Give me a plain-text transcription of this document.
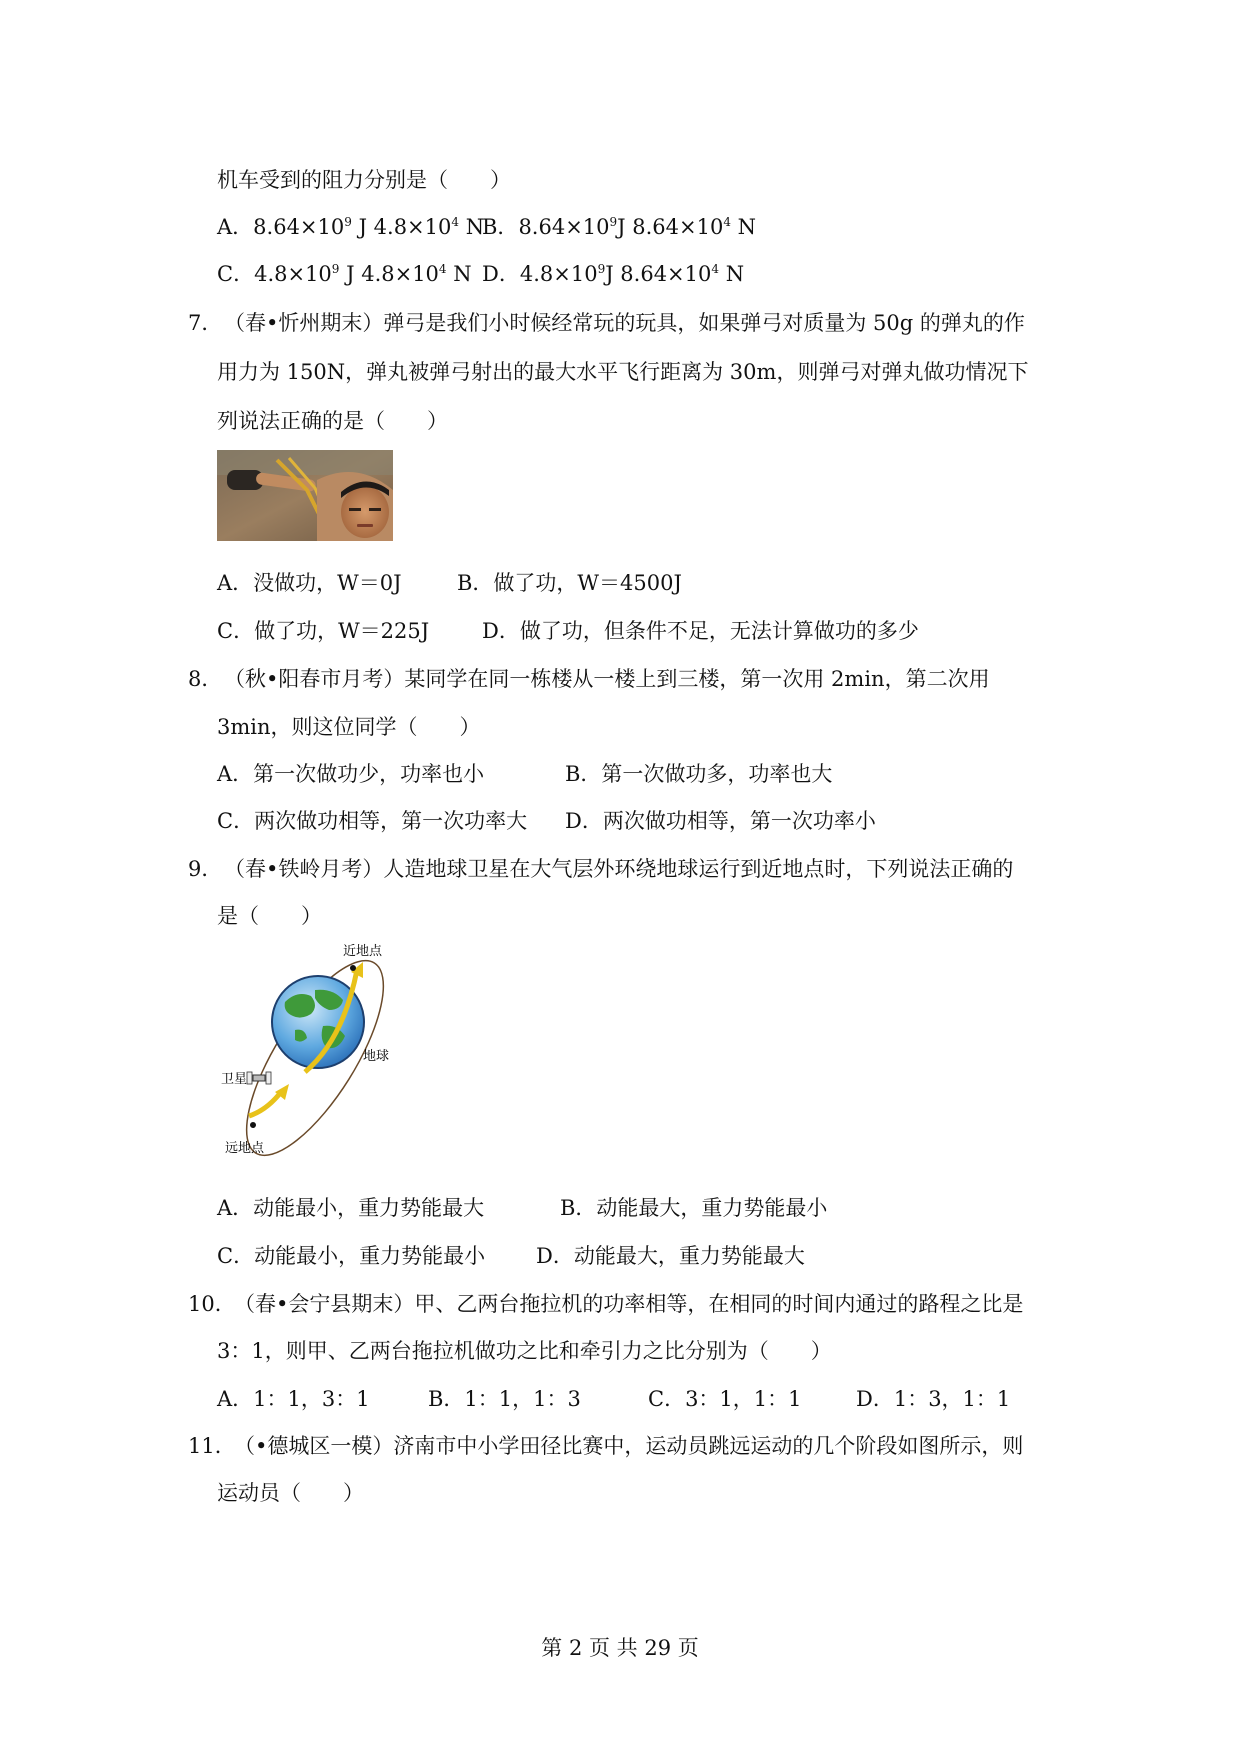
机车受到的阻力分别是（　　）
A．$8.64\times 10^9$ J $4.8\times 10^4$ N
B．$8.64\times 10^9J$ $8.64\times 10^4$ N
C．$4.8\times 10^9$ J $4.8\times 10^4$ N D．$4.8\times 10^9J$ $8.64\times 10^4$ N
7． （春•忻州期末）弹弓是我们小时候经常玩的玩具，如果弹弓对质量为 50g 的弹丸的作
用力为 150N，弹丸被弹弓射出的最大水平飞行距离为 30m，则弹弓对弹丸做功情况下
列说法正确的是（　　）
A．没做功，W＝0J	B．做了功，W＝4500J
C．做了功，W＝225J	D．做了功，但条件不足，无法计算做功的多少
8． （秋•阳春市月考）某同学在同一栋楼从一楼上到三楼，第一次用 2min，第二次用
3min，则这位同学（　　）
A．第一次做功少，功率也小	B．第一次做功多，功率也大
C．两次做功相等，第一次功率大 D．两次做功相等，第一次功率小
9． （春•铁岭月考）人造地球卫星在大气层外环绕地球运行到近地点时，下列说法正确的
是（　　）
近地点
地球
卫星
远地点
A．动能最小，重力势能最大	B．动能最大，重力势能最小
C．动能最小，重力势能最小 D．动能最大，重力势能最大
10．
（春•会宁县期末）甲、乙两台拖拉机的功率相等，在相同的时间内通过的路程之比是
3：1，则甲、乙两台拖拉机做功之比和牵引力之比分别为（　　）
A．1：1，3：1	B．1：1，1：3	C．3：1，1：1	D．1：3，1：1
11．
（•德城区一模）济南市中小学田径比赛中，运动员跳远运动的几个阶段如图所示，则
运动员（　　）
第 2 页 共 29 页
